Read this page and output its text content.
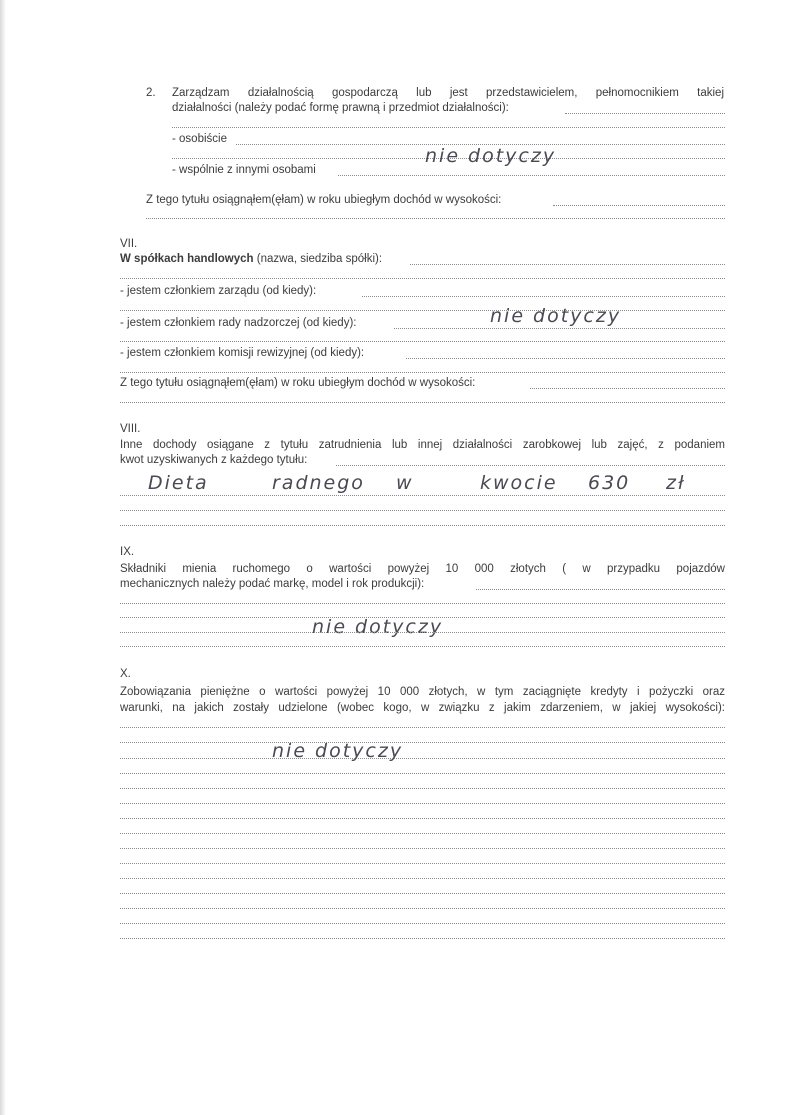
2. Zarządzam działalnością gospodarczą lub jest przedstawicielem, pełnomocnikiem takiej
działalności (należy podać formę prawną i przedmiot działalności):
- osobiście
- wspólnie z innymi osobami
nie dotyczy
Z tego tytułu osiągnąłem(ęłam) w roku ubiegłym dochód w wysokości:
VII.
W spółkach handlowych (nazwa, siedziba spółki):
- jestem członkiem zarządu (od kiedy):
- jestem członkiem rady nadzorczej (od kiedy):	nie dotyczy
- jestem członkiem komisji rewizyjnej (od kiedy):
Z tego tytułu osiągnąłem(ęłam) w roku ubiegłym dochód w wysokości:
VIII.
Inne dochody osiągane z tytułu zatrudnienia lub innej działalności zarobkowej lub zajęć, z podaniem
kwot uzyskiwanych z każdego tytułu:
Dieta	radnego w	kwocie 630 zł
IX.
Składniki mienia ruchomego o wartości powyżej 10 000 złotych ( w przypadku pojazdów
mechanicznych należy podać markę, model i rok produkcji):
nie dotyczy
X.
Zobowiązania pieniężne o wartości powyżej 10 000 złotych, w tym zaciągnięte kredyty i pożyczki oraz
warunki, na jakich zostały udzielone (wobec kogo, w związku z jakim zdarzeniem, w jakiej wysokości):
nie dotyczy
